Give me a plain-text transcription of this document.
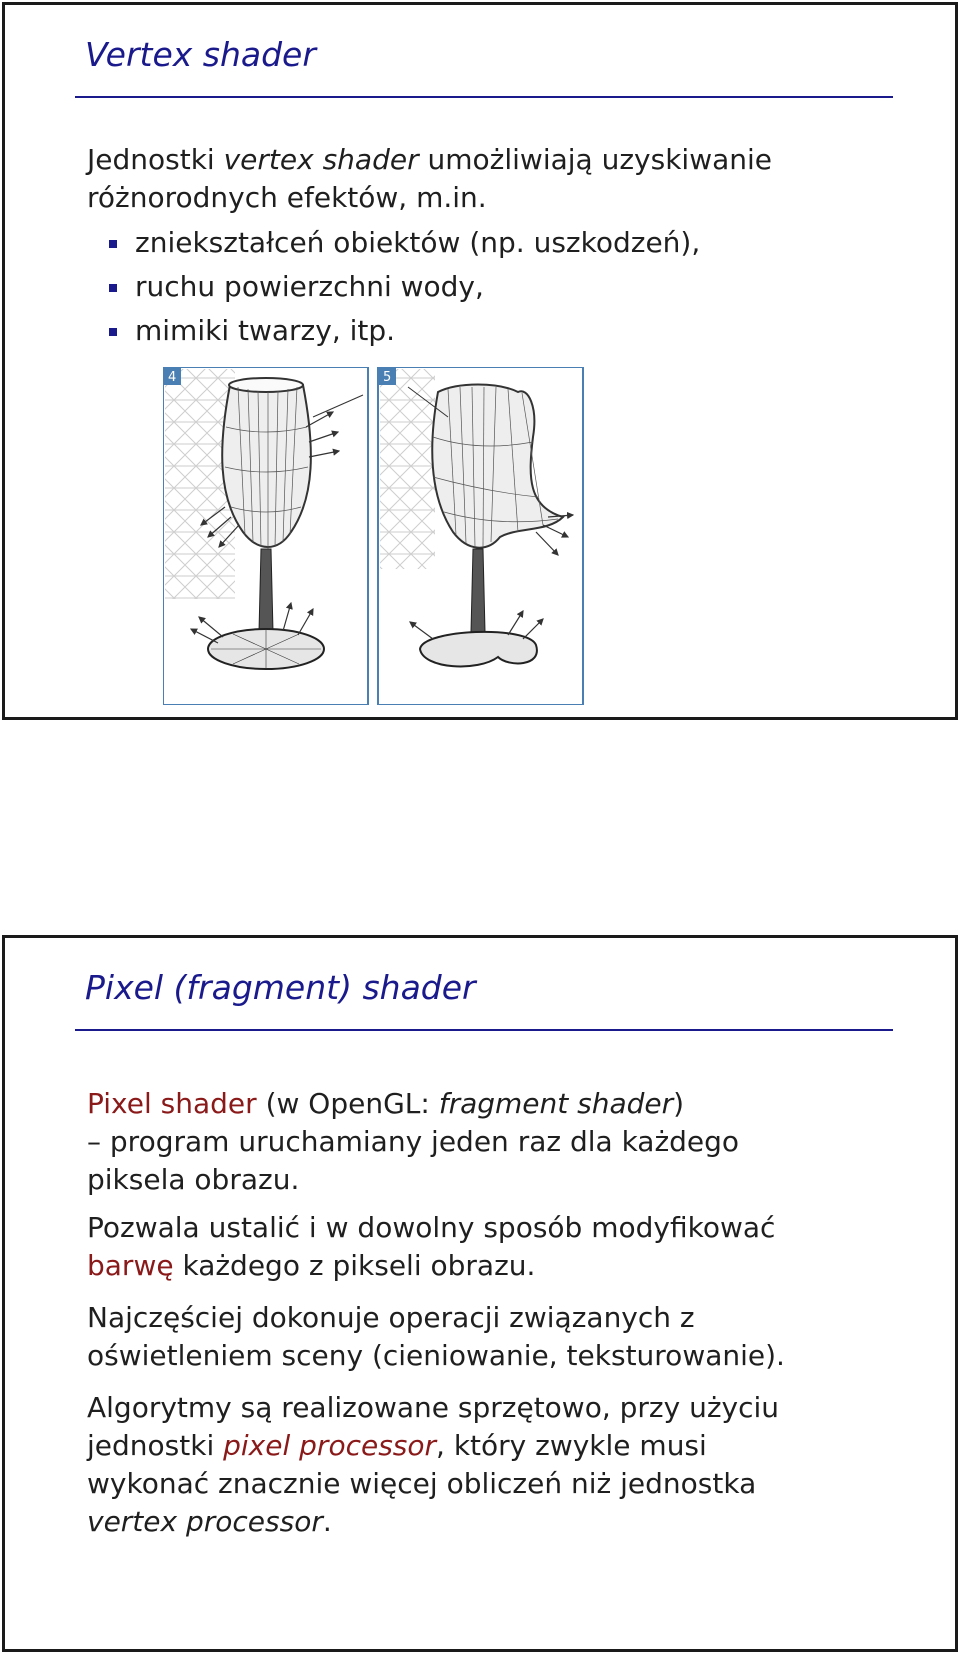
Vertex shader

Jednostki vertex shader umożliwiają uzyskiwanie

różnorodnych efektów, m.in.

zniekształceń obiektów (np. uszkodzeń),
ruchu powierzchni wody,
mimiki twarzy, itp.
4	5
Pixel (fragment) shader

Pixel shader (w OpenGL: fragment shader)

– program uruchamiany jeden raz dla każdego

piksela obrazu.

Pozwala ustalić i w dowolny sposób modyfikować

barwę każdego z pikseli obrazu.

Najczęściej dokonuje operacji związanych z

oświetleniem sceny (cieniowanie, teksturowanie).

Algorytmy są realizowane sprzętowo, przy użyciu

jednostki pixel processor, który zwykle musi

wykonać znacznie więcej obliczeń niż jednostka

vertex processor.
